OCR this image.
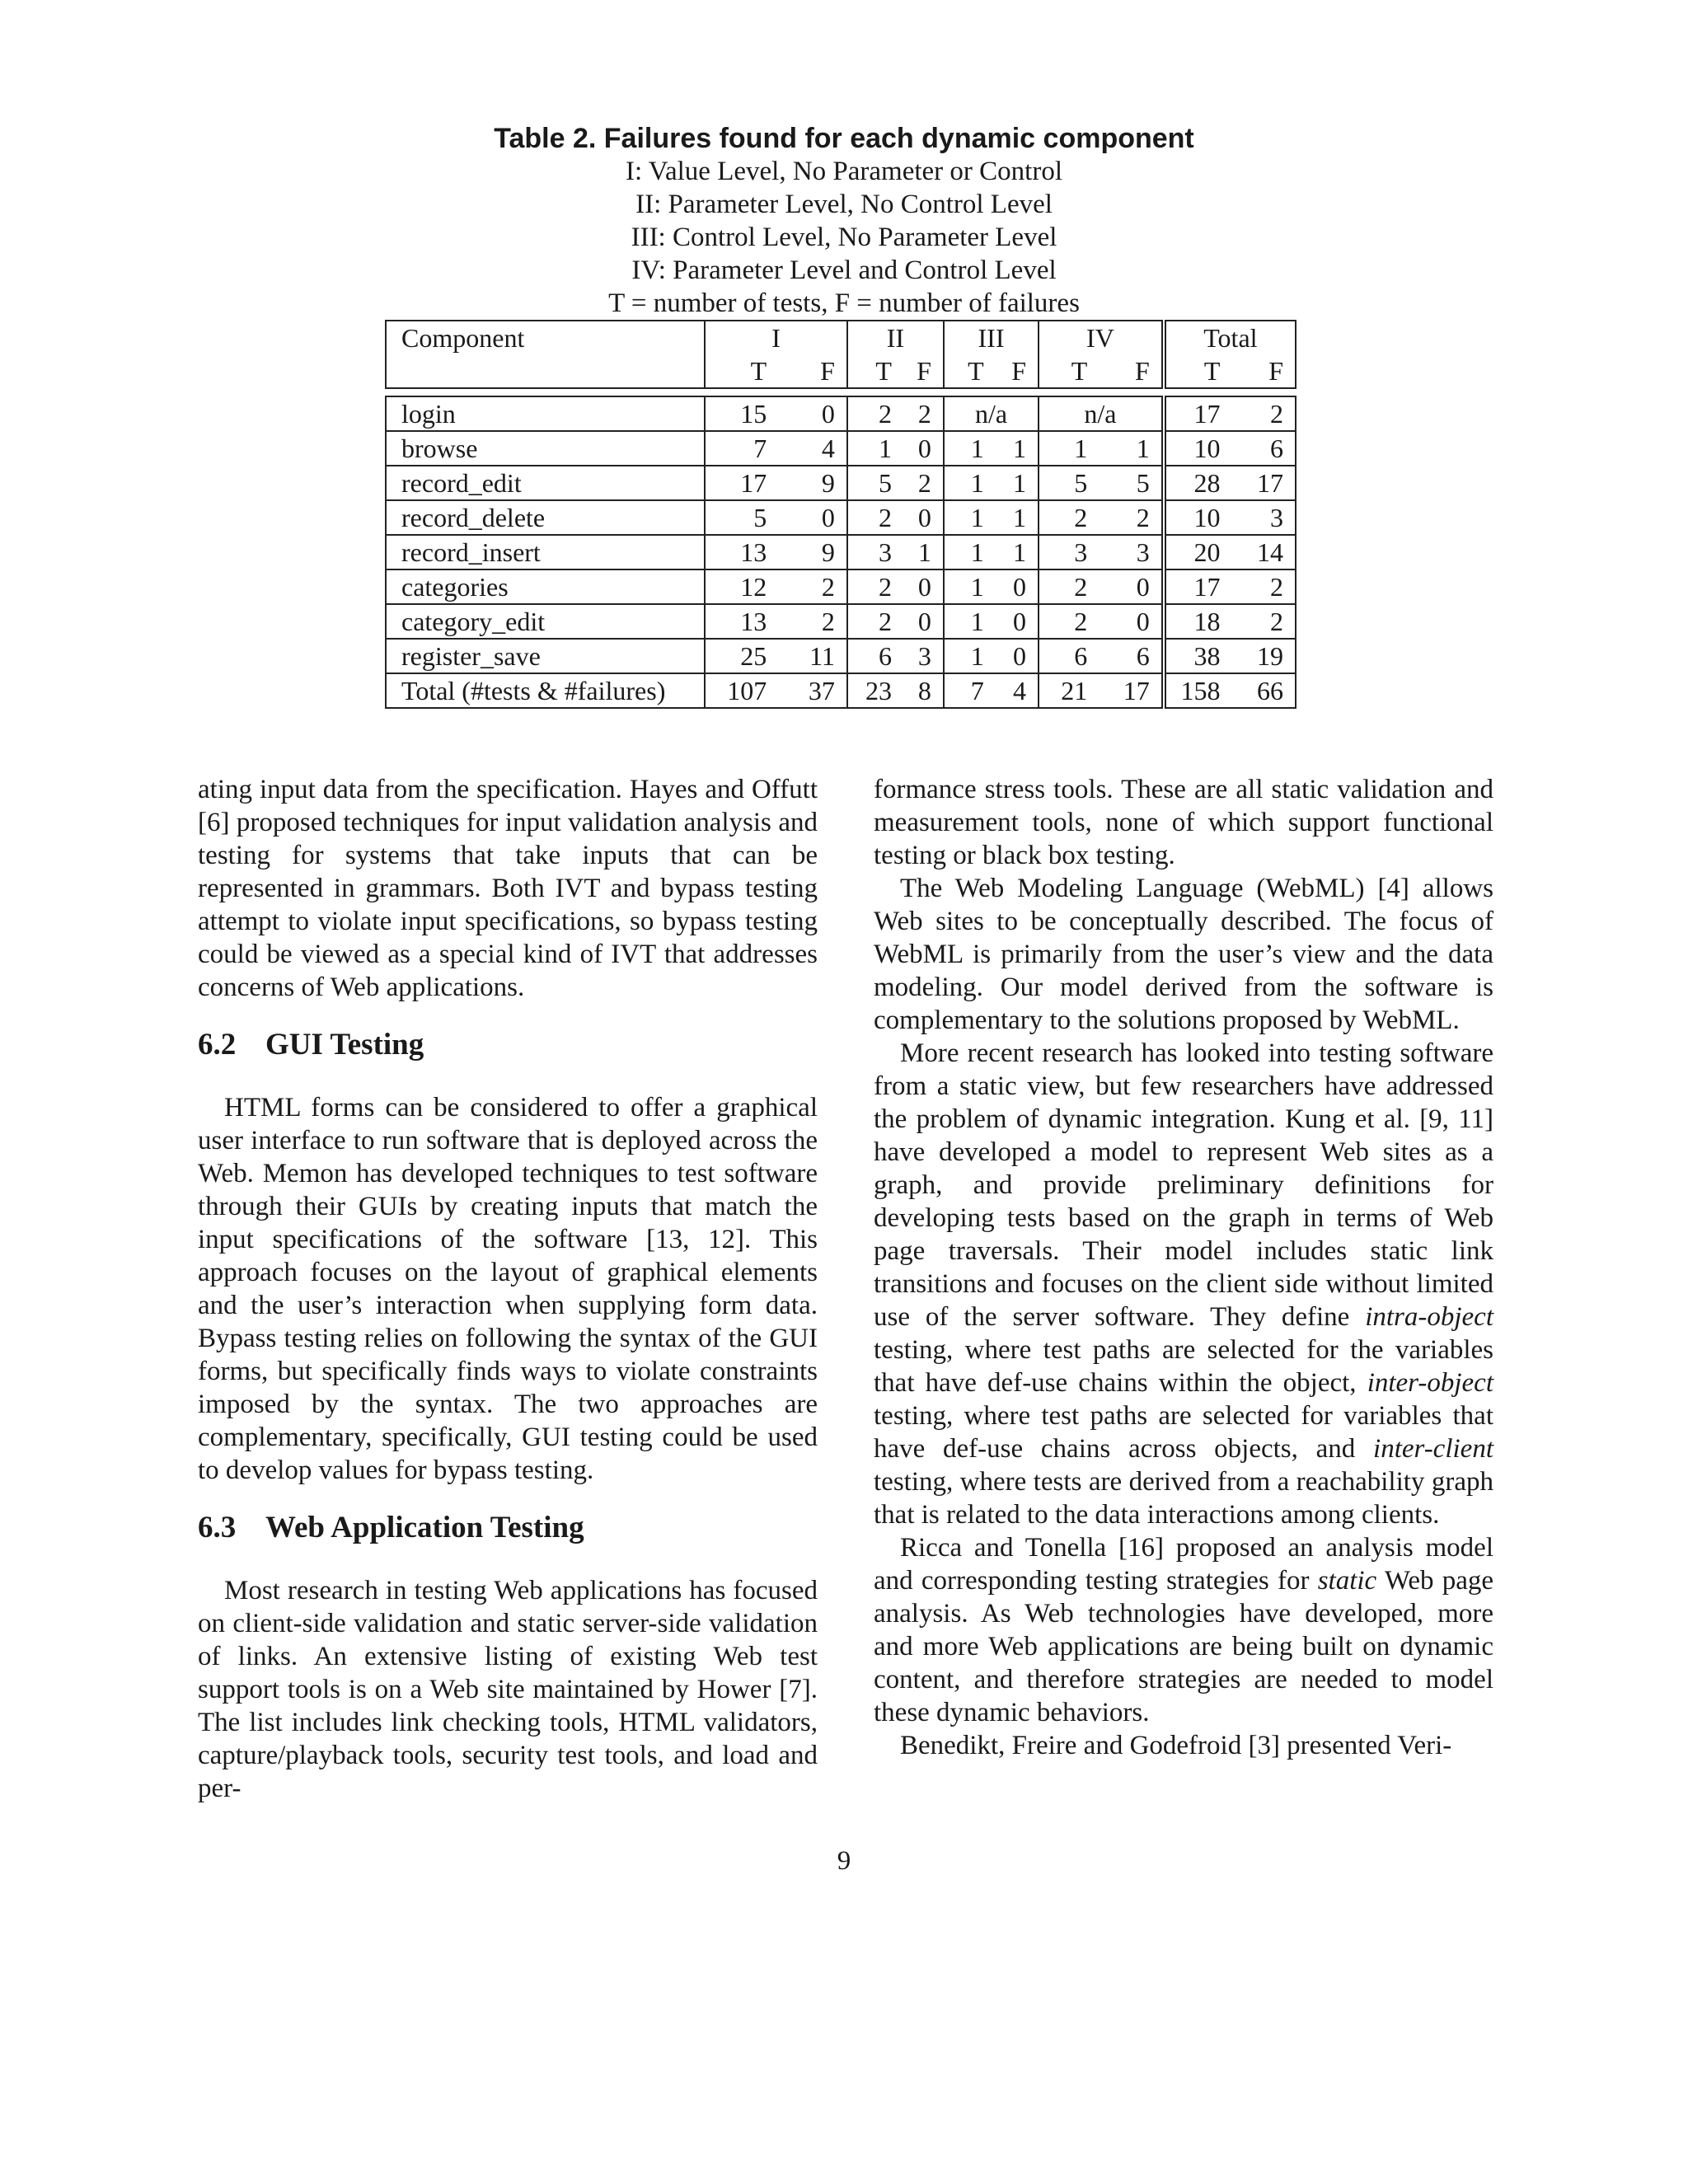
Table 2. Failures found for each dynamic component
I: Value Level, No Parameter or Control
II: Parameter Level, No Control Level
III: Control Level, No Parameter Level
IV: Parameter Level and Control Level
T = number of tests, F = number of failures
Component	I		II		III		IV		Total	
	T	F	T	F	T	F	T	F	T	F

login	15	0	2	2	n/a		n/a		17	2
browse	7	4	1	0	1	1	1	1	10	6
record_edit	17	9	5	2	1	1	5	5	28	17
record_delete	5	0	2	0	1	1	2	2	10	3
record_insert	13	9	3	1	1	1	3	3	20	14
categories	12	2	2	0	1	0	2	0	17	2
category_edit	13	2	2	0	1	0	2	0	18	2
register_save	25	11	6	3	1	0	6	6	38	19
Total (#tests & #failures)	107	37	23	8	7	4	21	17	158	66

ating input data from the specification. Hayes and Offutt [6] proposed techniques for input validation analysis and testing for systems that take inputs that can be represented in grammars. Both IVT and bypass testing attempt to violate input specifications, so bypass testing could be viewed as a special kind of IVT that addresses concerns of Web applications.

6.2 GUI Testing

HTML forms can be considered to offer a graphical user interface to run software that is deployed across the Web. Memon has developed techniques to test software through their GUIs by creating inputs that match the input specifications of the software [13, 12]. This approach focuses on the layout of graphical elements and the user’s interaction when supplying form data. Bypass testing relies on following the syntax of the GUI forms, but specifically finds ways to violate constraints imposed by the syntax. The two approaches are complementary, specifically, GUI testing could be used to develop values for bypass testing.

6.3 Web Application Testing

Most research in testing Web applications has focused on client-side validation and static server-side validation of links. An extensive listing of existing Web test support tools is on a Web site maintained by Hower [7]. The list includes link checking tools, HTML validators, capture/playback tools, security test tools, and load and per-

formance stress tools. These are all static validation and measurement tools, none of which support functional testing or black box testing.

The Web Modeling Language (WebML) [4] allows Web sites to be conceptually described. The focus of WebML is primarily from the user’s view and the data modeling. Our model derived from the software is complementary to the solutions proposed by WebML.

More recent research has looked into testing software from a static view, but few researchers have addressed the problem of dynamic integration. Kung et al. [9, 11] have developed a model to represent Web sites as a graph, and provide preliminary definitions for developing tests based on the graph in terms of Web page traversals. Their model includes static link transitions and focuses on the client side without limited use of the server software. They define intra-object testing, where test paths are selected for the variables that have def-use chains within the object, inter-object testing, where test paths are selected for variables that have def-use chains across objects, and inter-client testing, where tests are derived from a reachability graph that is related to the data interactions among clients.

Ricca and Tonella [16] proposed an analysis model and corresponding testing strategies for static Web page analysis. As Web technologies have developed, more and more Web applications are being built on dynamic content, and therefore strategies are needed to model these dynamic behaviors.

Benedikt, Freire and Godefroid [3] presented Veri-

9
